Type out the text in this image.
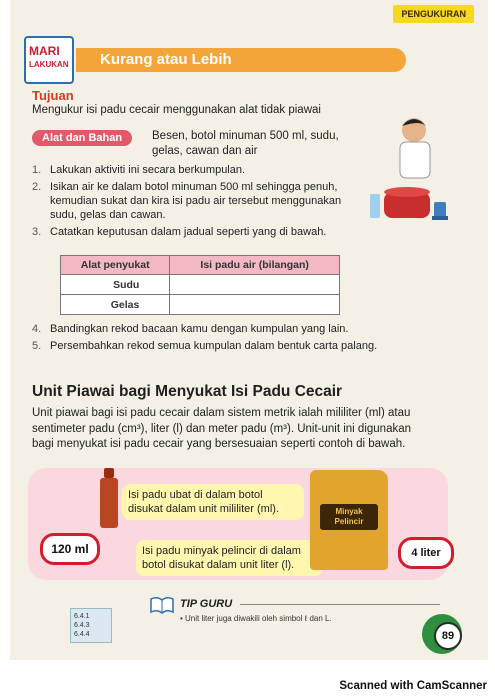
PENGUKURAN
MARI
LAKUKAN Kurang atau Lebih
Tujuan
Mengukur isi padu cecair menggunakan alat tidak piawai
Alat dan Bahan	Besen, botol minuman 500 ml, sudu, gelas, cawan dan air
1. Lakukan aktiviti ini secara berkumpulan.
2. Isikan air ke dalam botol minuman 500 ml sehingga penuh, kemudian sukat dan kira isi padu air tersebut menggunakan sudu, gelas dan cawan.
3. Catatkan keputusan dalam jadual seperti yang di bawah.
Alat penyukat	Isi padu air (bilangan)
Sudu	
Gelas	
4. Bandingkan rekod bacaan kamu dengan kumpulan yang lain.
5. Persembahkan rekod semua kumpulan dalam bentuk carta palang.
Unit Piawai bagi Menyukat Isi Padu Cecair
Unit piawai bagi isi padu cecair dalam sistem metrik ialah mililiter (ml) atau sentimeter padu (cm³), liter (l) dan meter padu (m³). Unit-unit ini digunakan bagi menyukat isi padu cecair yang bersesuaian seperti contoh di bawah.
Isi padu ubat di dalam botol disukat dalam unit mililiter (ml).
120 ml	Isi padu minyak pelincir di dalam botol disukat dalam unit liter (l).
Minyak Pelincir
4 liter
6.4.1
6.4.3
6.4.4
TIP GURU
• Unit liter juga diwakili oleh simbol ℓ dan L.
89
Scanned with CamScanner
